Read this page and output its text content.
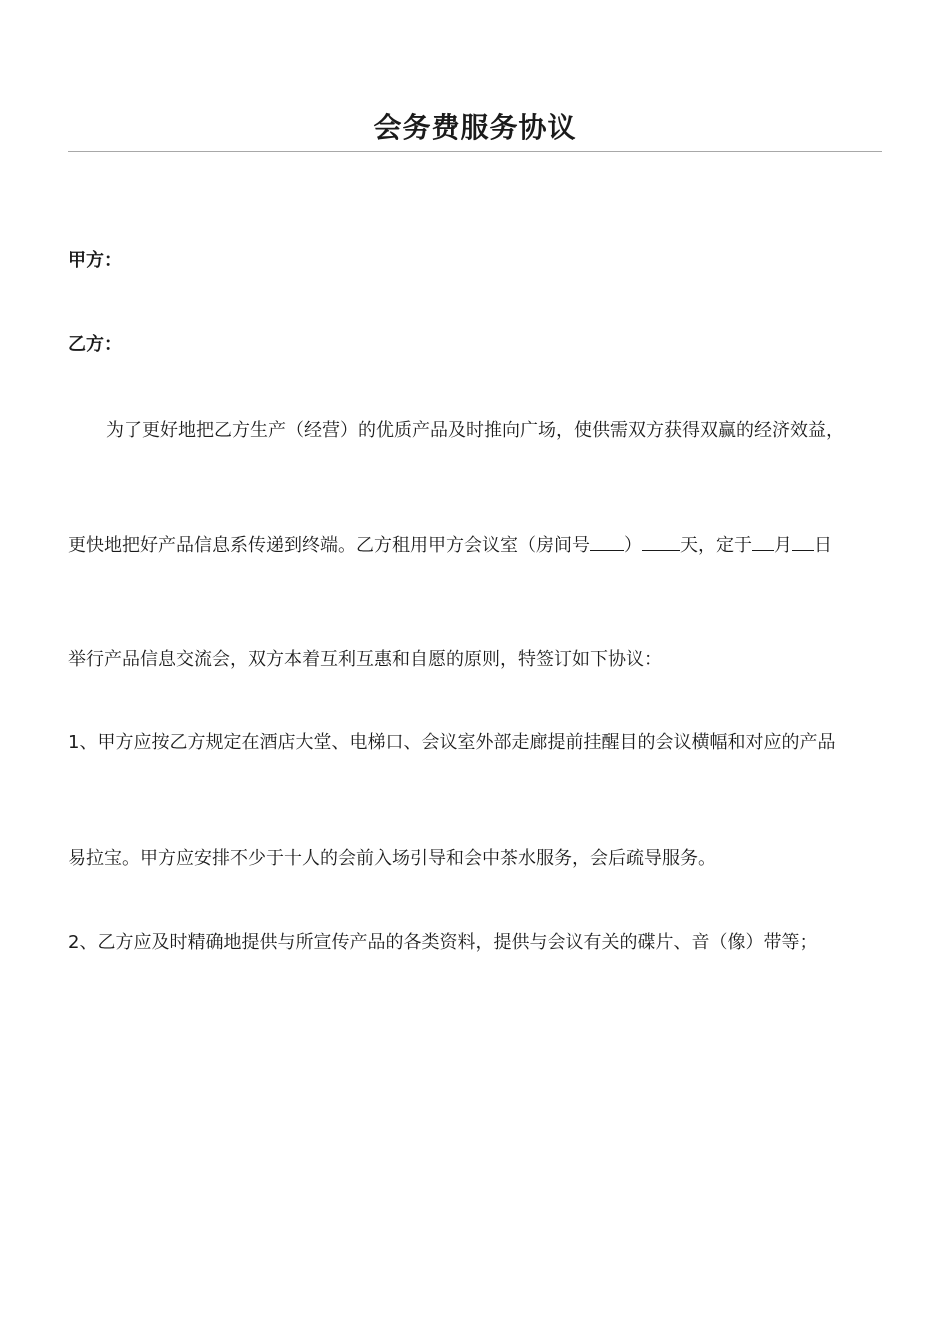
会务费服务协议

甲方：

乙方：

为了更好地把乙方生产（经营）的优质产品及时推向广场，使供需双方获得双赢的经济效益，

更快地把好产品信息系传递到终端。乙方租用甲方会议室（房间号 ） 天，定于 月 日

举行产品信息交流会，双方本着互利互惠和自愿的原则，特签订如下协议：

1、甲方应按乙方规定在酒店大堂、电梯口、会议室外部走廊提前挂醒目的会议横幅和对应的产品

易拉宝。甲方应安排不少于十人的会前入场引导和会中茶水服务，会后疏导服务。

2、乙方应及时精确地提供与所宣传产品的各类资料，提供与会议有关的碟片、音（像）带等；
